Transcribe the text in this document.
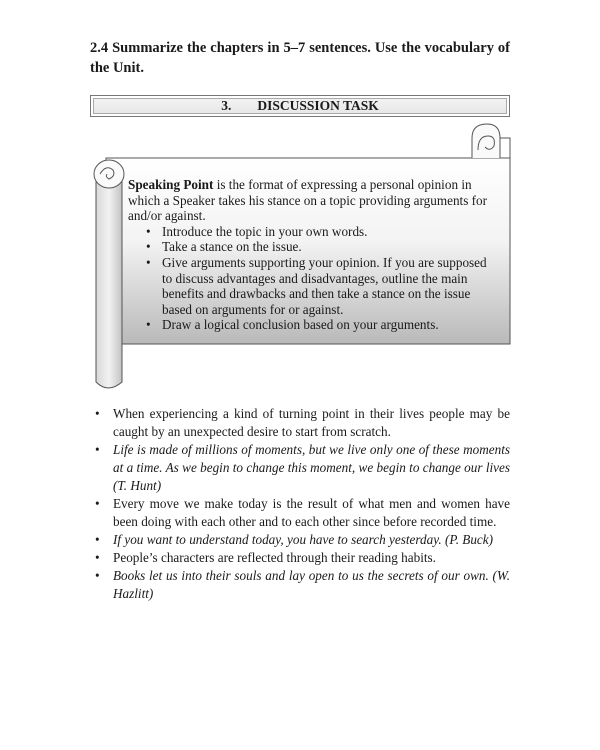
2.4 Summarize the chapters in 5–7 sentences. Use the vocabulary of the Unit.
3. DISCUSSION TASK

Speaking Point is the format of expressing a personal opinion in which a Speaker takes his stance on a topic providing arguments for and/or against.

• Introduce the topic in your own words.
• Take a stance on the issue.
• Give arguments supporting your opinion. If you are supposed to discuss advantages and disadvantages, outline the main benefits and drawbacks and then take a stance on the issue based on arguments for or against.
• Draw a logical conclusion based on your arguments.
• When experiencing a kind of turning point in their lives people may be caught by an unexpected desire to start from scratch.
• Life is made of millions of moments, but we live only one of these moments at a time. As we begin to change this moment, we begin to change our lives (T. Hunt)
• Every move we make today is the result of what men and women have been doing with each other and to each other since before recorded time.
• If you want to understand today, you have to search yesterday. (P. Buck)
• People’s characters are reflected through their reading habits.
• Books let us into their souls and lay open to us the secrets of our own. (W. Hazlitt)
